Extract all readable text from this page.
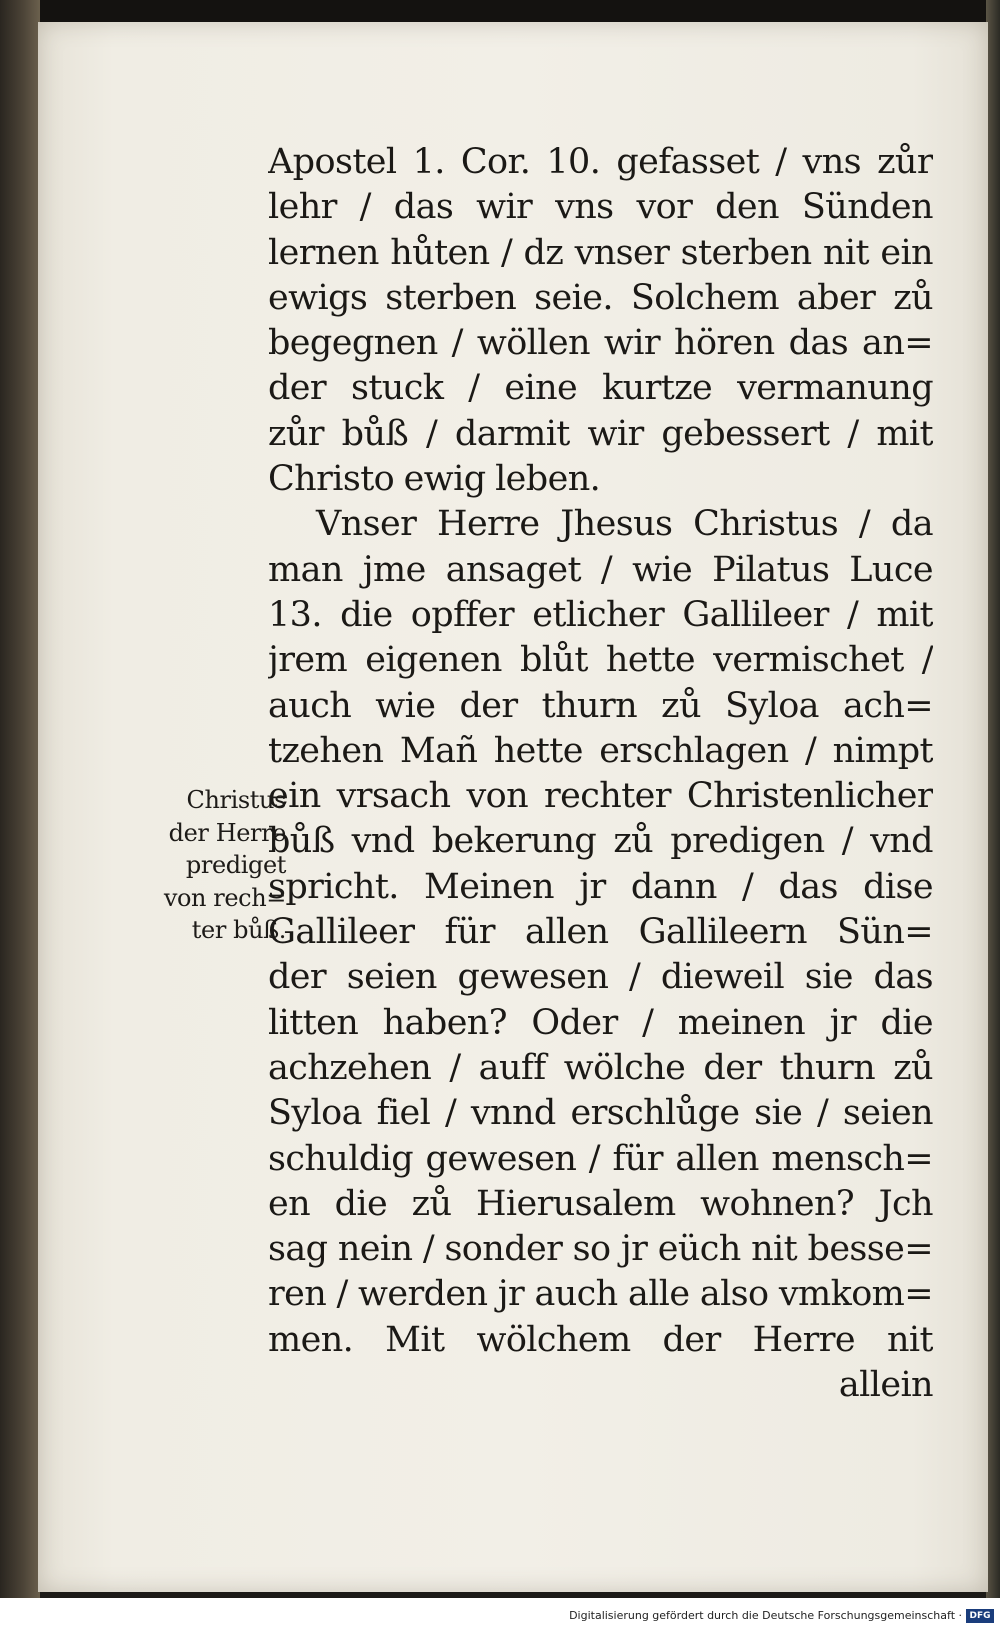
Christus
der Herre
prediget
von rech=
ter bůß.
Apostel 1. Cor. 10. gefasset / vns zůr
lehr / das wir vns vor den Sünden
lernen hůten / dz vnser sterben nit ein
ewigs sterben seie. Solchem aber zů
begegnen / wöllen wir hören das an=
der stuck / eine kurtze vermanung
zůr bůß / darmit wir gebessert / mit
Christo ewig leben.
Vnser Herre Jhesus Christus / da
man jme ansaget / wie Pilatus Luce
13. die opffer etlicher Gallileer / mit
jrem eigenen blůt hette vermischet /
auch wie der thurn zů Syloa ach=
tzehen Mañ hette erschlagen / nimpt
ein vrsach von rechter Christenlicher
bůß vnd bekerung zů predigen / vnd
spricht. Meinen jr dann / das dise
Gallileer für allen Gallileern Sün=
der seien gewesen / dieweil sie das
litten haben? Oder / meinen jr die
achzehen / auff wölche der thurn zů
Syloa fiel / vnnd erschlůge sie / seien
schuldig gewesen / für allen mensch=
en die zů Hierusalem wohnen? Jch
sag nein / sonder so jr eüch nit besse=
ren / werden jr auch alle also vmkom=
men. Mit wölchem der Herre nit
allein
Digitalisierung gefördert durch die Deutsche Forschungsgemeinschaft · DFG
